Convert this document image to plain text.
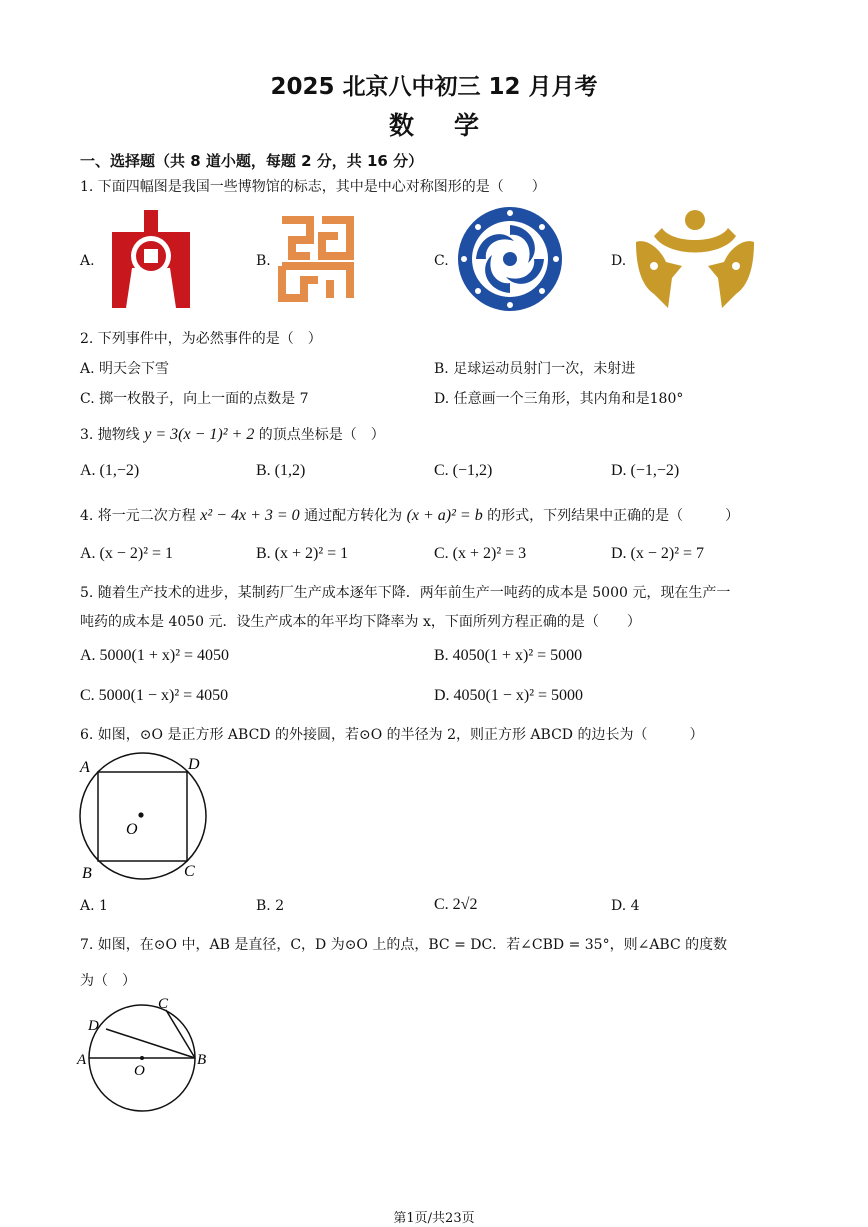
2025 北京八中初三 12 月月考
数学
一、选择题（共 8 道小题，每题 2 分，共 16 分）
1. 下面四幅图是我国一些博物馆的标志，其中是中心对称图形的是（　　）
A.	B.	C.	D.
2. 下列事件中，为必然事件的是（　）
A. 明天会下雪	B. 足球运动员射门一次，未射进
C. 掷一枚骰子，向上一面的点数是 7	D. 任意画一个三角形，其内角和是180°
3. 抛物线 y = 3(x − 1)² + 2 的顶点坐标是（　）
A. (1,−2)	B. (1,2)	C. (−1,2)	D. (−1,−2)
4. 将一元二次方程 x² − 4x + 3 = 0 通过配方转化为 (x + a)² = b 的形式，下列结果中正确的是（　　　）
A. (x − 2)² = 1	B. (x + 2)² = 1	C. (x + 2)² = 3	D. (x − 2)² = 7
5. 随着生产技术的进步，某制药厂生产成本逐年下降．两年前生产一吨药的成本是 5000 元，现在生产一
吨药的成本是 4050 元．设生产成本的年平均下降率为 x，下面所列方程正确的是（　　）
A. 5000(1 + x)² = 4050	B. 4050(1 + x)² = 5000
C. 5000(1 − x)² = 4050	D. 4050(1 − x)² = 5000
6. 如图，⊙O 是正方形 ABCD 的外接圆，若⊙O 的半径为 2，则正方形 ABCD 的边长为（　　　）
A	D
B	C
O
A. 1	B. 2	C. 2√2	D. 4
7. 如图，在⊙O 中，AB 是直径，C，D 为⊙O 上的点，BC = DC．若∠CBD = 35°，则∠ABC 的度数
为（　）
C
D
A
O
B
第1页/共23页
